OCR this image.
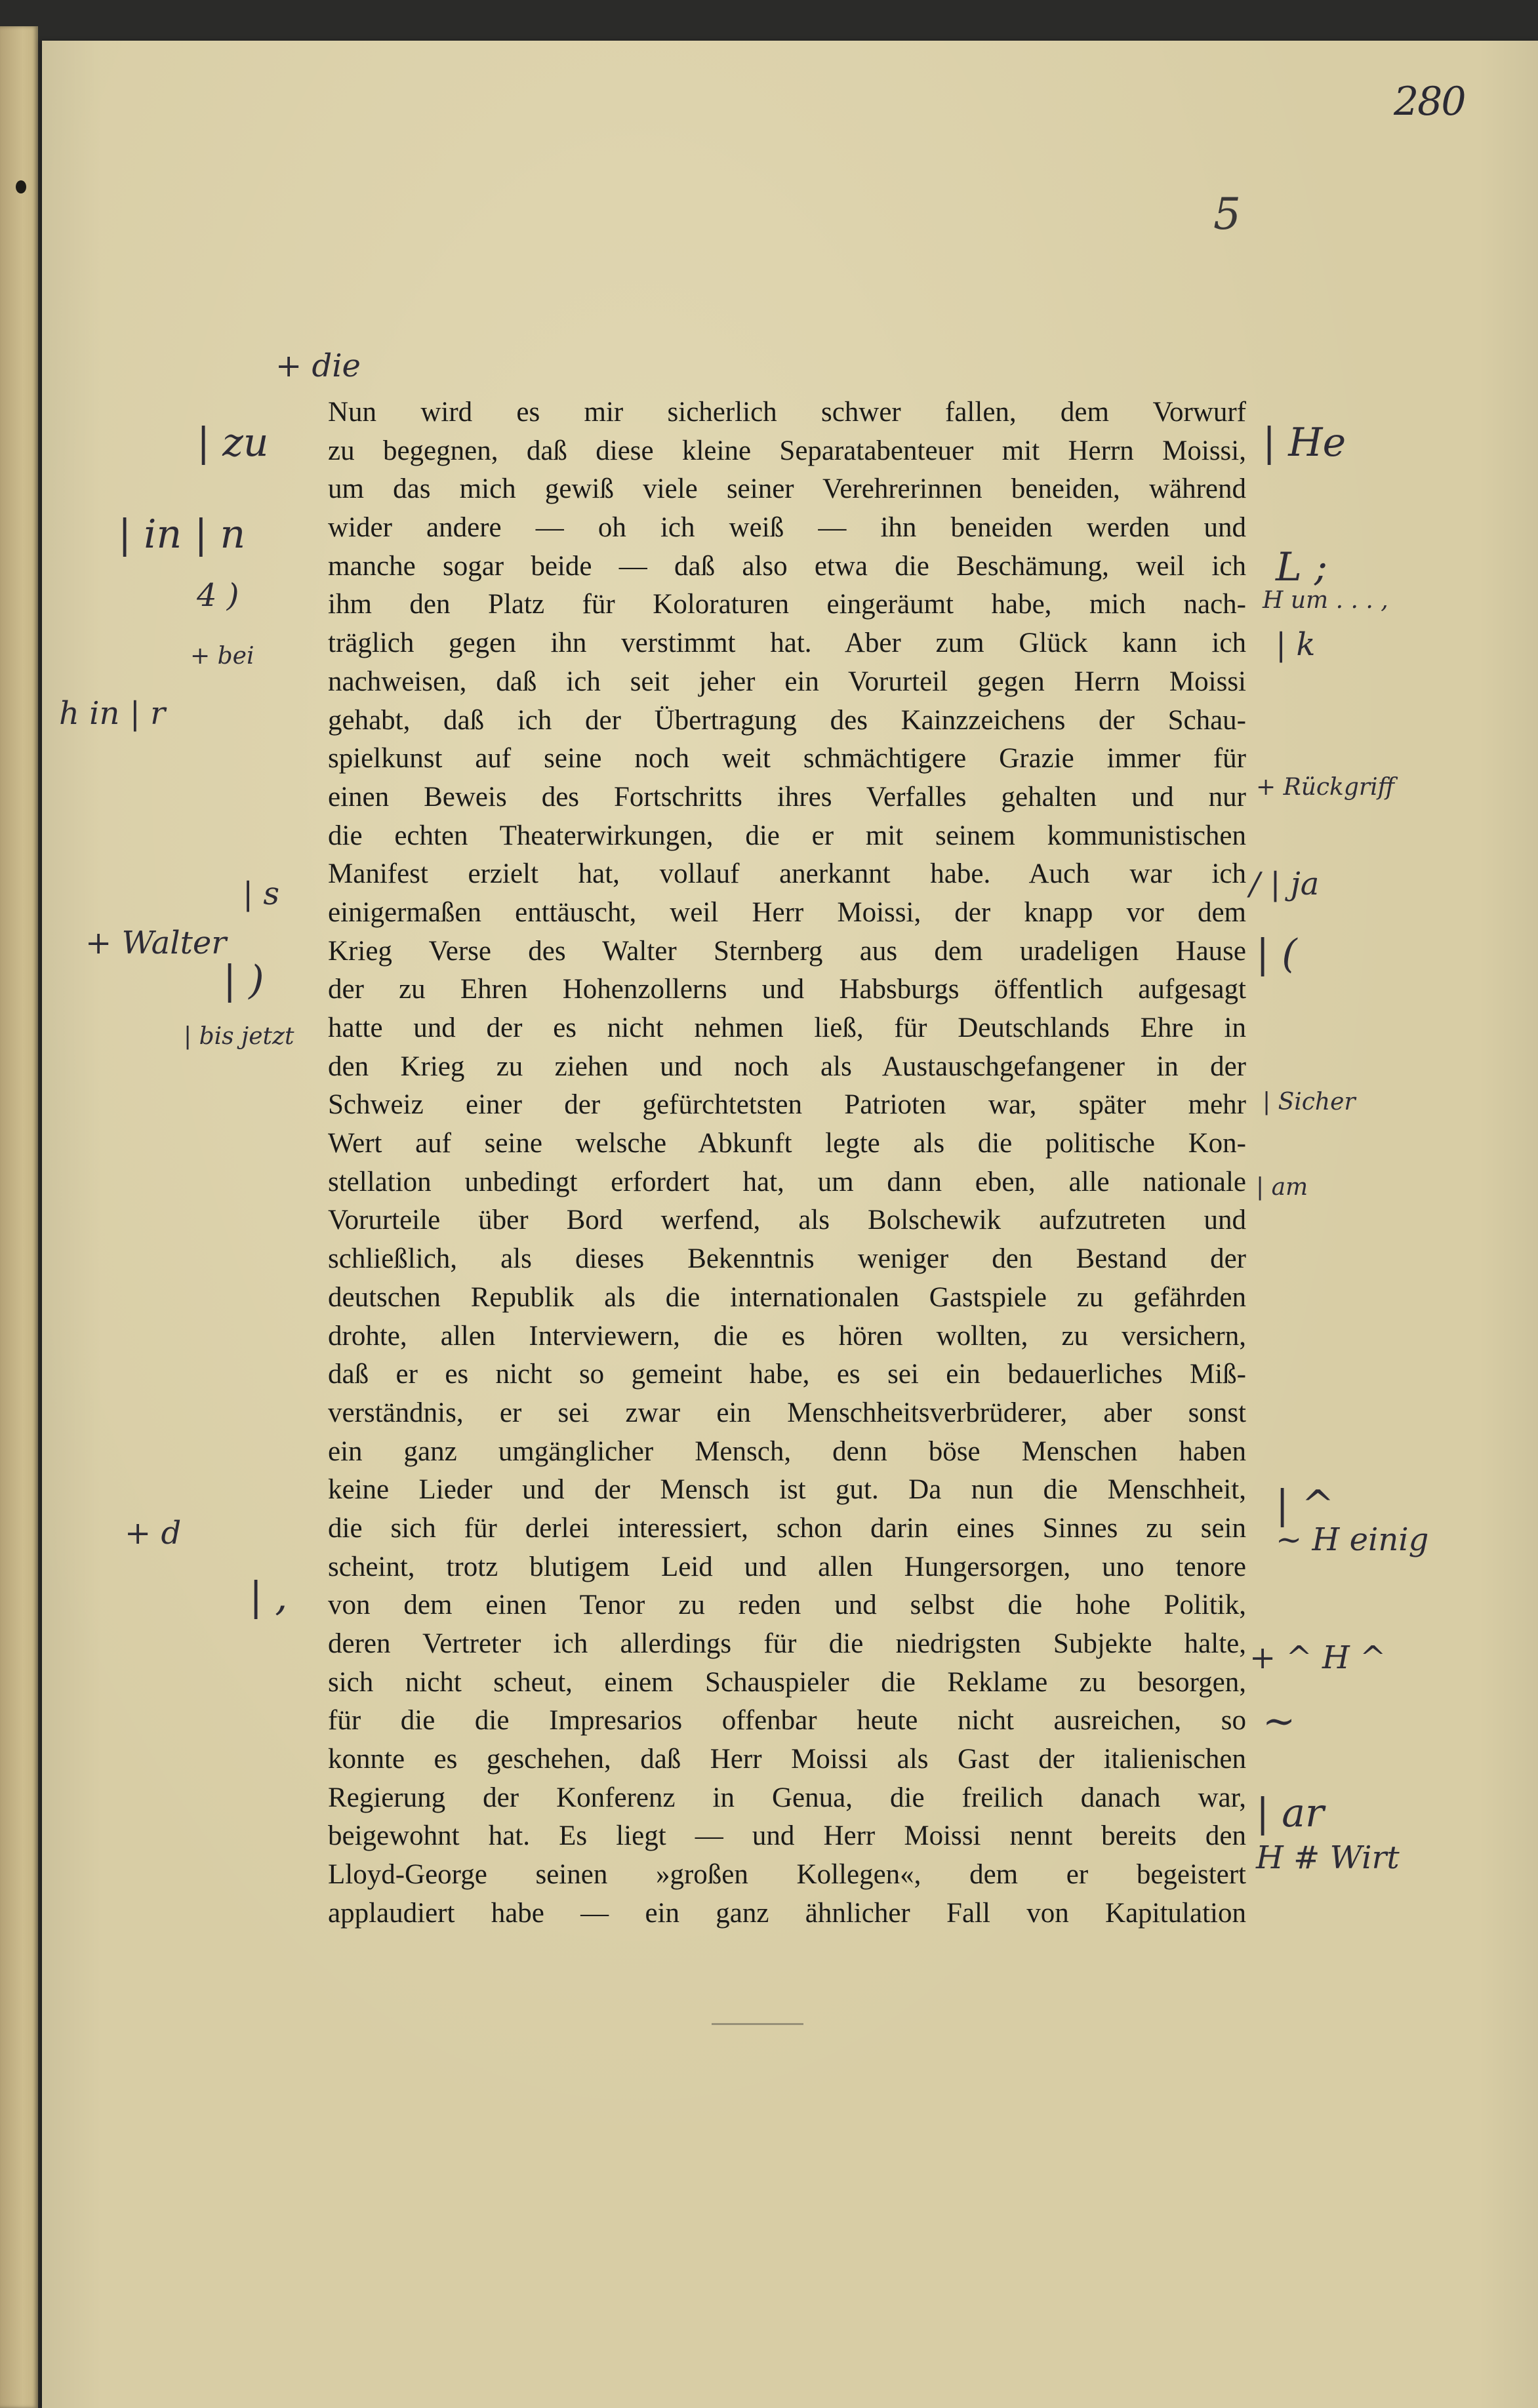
280
5
Nun wird es mir sicherlich schwer fallen, dem Vorwurf
zu begegnen, daß diese kleine Separatabenteuer mit Herrn Moissi,
um das mich gewiß viele seiner Verehrerinnen beneiden, während
wider andere — oh ich weiß — ihn beneiden werden und
manche sogar beide — daß also etwa die Beschämung, weil ich
ihm den Platz für Koloraturen eingeräumt habe, mich nach-
träglich gegen ihn verstimmt hat. Aber zum Glück kann ich
nachweisen, daß ich seit jeher ein Vorurteil gegen Herrn Moissi
gehabt, daß ich der Übertragung des Kainzzeichens der Schau-
spielkunst auf seine noch weit schmächtigere Grazie immer für
einen Beweis des Fortschritts ihres Verfalles gehalten und nur
die echten Theaterwirkungen, die er mit seinem kommunistischen
Manifest erzielt hat, vollauf anerkannt habe. Auch war ich
einigermaßen enttäuscht, weil Herr Moissi, der knapp vor dem
Krieg Verse des Walter Sternberg aus dem uradeligen Hause
der zu Ehren Hohenzollerns und Habsburgs öffentlich aufgesagt
hatte und der es nicht nehmen ließ, für Deutschlands Ehre in
den Krieg zu ziehen und noch als Austauschgefangener in der
Schweiz einer der gefürchtetsten Patrioten war, später mehr
Wert auf seine welsche Abkunft legte als die politische Kon-
stellation unbedingt erfordert hat, um dann eben, alle nationale
Vorurteile über Bord werfend, als Bolschewik aufzutreten und
schließlich, als dieses Bekenntnis weniger den Bestand der
deutschen Republik als die internationalen Gastspiele zu gefährden
drohte, allen Interviewern, die es hören wollten, zu versichern,
daß er es nicht so gemeint habe, es sei ein bedauerliches Miß-
verständnis, er sei zwar ein Menschheitsverbrüderer, aber sonst
ein ganz umgänglicher Mensch, denn böse Menschen haben
keine Lieder und der Mensch ist gut. Da nun die Menschheit,
die sich für derlei interessiert, schon darin eines Sinnes zu sein
scheint, trotz blutigem Leid und allen Hungersorgen, uno tenore
von dem einen Tenor zu reden und selbst die hohe Politik,
deren Vertreter ich allerdings für die niedrigsten Subjekte halte,
sich nicht scheut, einem Schauspieler die Reklame zu besorgen,
für die die Impresarios offenbar heute nicht ausreichen, so
konnte es geschehen, daß Herr Moissi als Gast der italienischen
Regierung der Konferenz in Genua, die freilich danach war,
beigewohnt hat. Es liegt — und Herr Moissi nennt bereits den
Lloyd-George seinen »großen Kollegen«, dem er begeistert
applaudiert habe — ein ganz ähnlicher Fall von Kapitulation
+ die
| zu
| in | n
4 )
+ bei
h in | r
| s
+ Walter
| )
| bis jetzt
+ d
| ,
| He
L ;
H um . . . ,
| k
+ Rückgriff
/ | ja
| (
| Sicher
| am
| ^
~ H einig
+ ^ H ^
~
| ar
H # Wirt
